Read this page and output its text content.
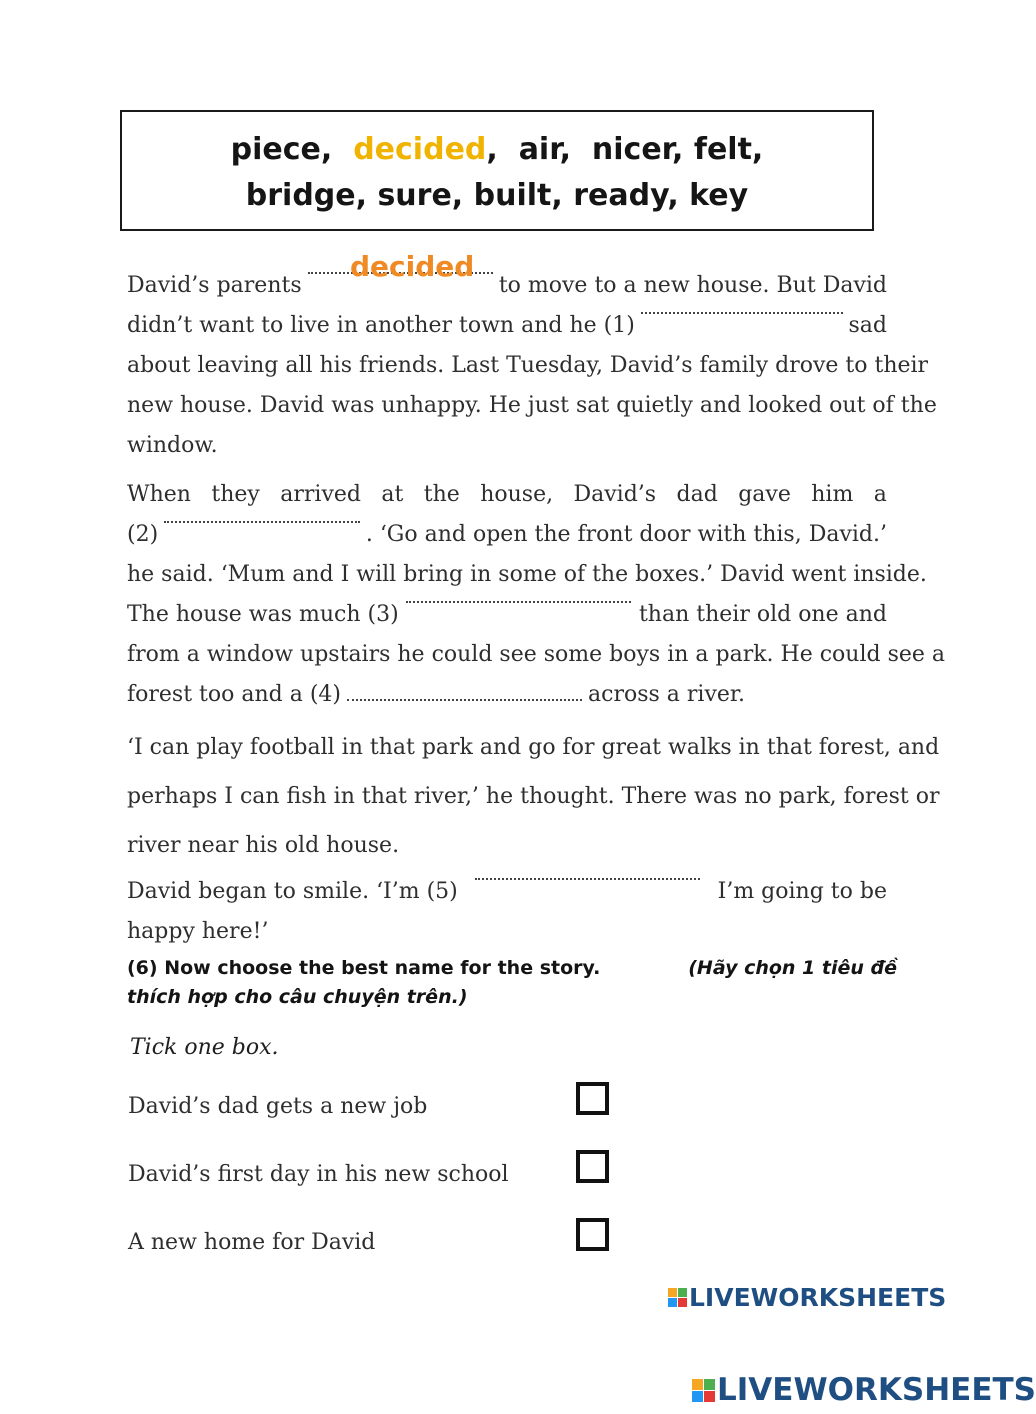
piece, decided, air, nicer, felt,
bridge, sure, built, ready, key
David’s parents	to move to a new house. But David
didn’t want to live in another town and he (1)	sad
about leaving all his friends. Last Tuesday, David’s family drove to their
new house. David was unhappy. He just sat quietly and looked out of the
window.
decided
When they arrived at the house, David’s dad gave him a
(2)	. ‘Go and open the front door with this, David.’
he said. ‘Mum and I will bring in some of the boxes.’ David went inside.
The house was much (3)	than their old one and
from a window upstairs he could see some boys in a park. He could see a
forest too and a (4)	across a river.
‘I can play football in that park and go for great walks in that forest, and
perhaps I can fish in that river,’ he thought. There was no park, forest or
river near his old house.
David began to smile. ‘I’m (5)	I’m going to be
happy here!’
(6) Now choose the best name for the story.	(Hãy chọn 1 tiêu đề
thích hợp cho câu chuyện trên.)
Tick one box.
David’s dad gets a new job
David’s first day in his new school
A new home for David
LIVEWORKSHEETS
LIVEWORKSHEETS
